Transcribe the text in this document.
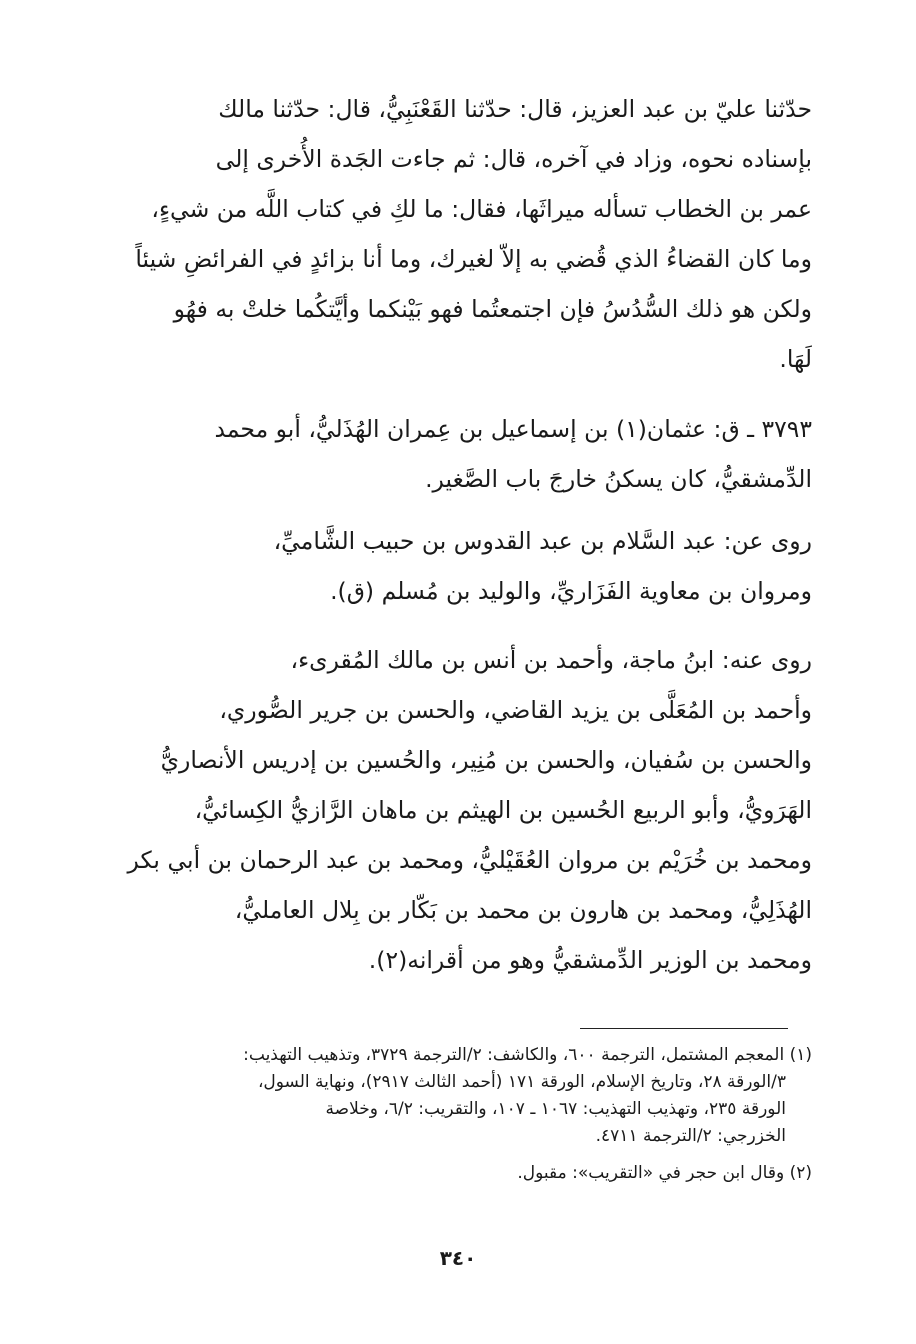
حدّثنا عليّ بن عبد العزيز، قال: حدّثنا القَعْنَبِيُّ، قال: حدّثنا مالك
بإسناده نحوه، وزاد في آخره، قال: ثم جاءت الجَدة الأُخرى إلى
عمر بن الخطاب تسأله ميراثَها، فقال: ما لكِ في كتاب اللَّه من شيءٍ،
وما كان القضاءُ الذي قُضي به إلاّ لغيرك، وما أنا بزائدٍ في الفرائضِ شيئاً
ولكن هو ذلك السُّدُسُ فإن اجتمعتُما فهو بَيْنكما وأيَّتكُما خلتْ به فهُو
لَهَا.
٣٧٩٣ ـ ق: عثمان(١) بن إسماعيل بن عِمران الهُذَليُّ، أبو محمد
الدِّمشقيُّ، كان يسكنُ خارجَ باب الصَّغير.
روى عن: عبد السَّلام بن عبد القدوس بن حبيب الشَّاميِّ،
ومروان بن معاوية الفَزَاريِّ، والوليد بن مُسلم (ق).
روى عنه: ابنُ ماجة، وأحمد بن أنس بن مالك المُقرىء،
وأحمد بن المُعَلَّى بن يزيد القاضي، والحسن بن جرير الصُّوري،
والحسن بن سُفيان، والحسن بن مُنِير، والحُسين بن إدريس الأنصاريُّ
الهَرَويُّ، وأبو الربيع الحُسين بن الهيثم بن ماهان الرَّازيُّ الكِسائيُّ،
ومحمد بن خُرَيْم بن مروان العُقَيْليُّ، ومحمد بن عبد الرحمان بن أبي بكر
الهُذَلِيُّ، ومحمد بن هارون بن محمد بن بَكّار بن بِلال العامليُّ،
ومحمد بن الوزير الدِّمشقيُّ وهو من أقرانه(٢).
(١) المعجم المشتمل، الترجمة ٦٠٠، والكاشف: ٢/الترجمة ٣٧٢٩، وتذهيب التهذيب:
٣/الورقة ٢٨، وتاريخ الإسلام، الورقة ١٧١ (أحمد الثالث ٢٩١٧)، ونهاية السول،
الورقة ٢٣٥، وتهذيب التهذيب: ١٠٦٧ ـ ١٠٧، والتقريب: ٦/٢، وخلاصة
الخزرجي: ٢/الترجمة ٤٧١١.
(٢) وقال ابن حجر في «التقريب»: مقبول.
٣٤٠
